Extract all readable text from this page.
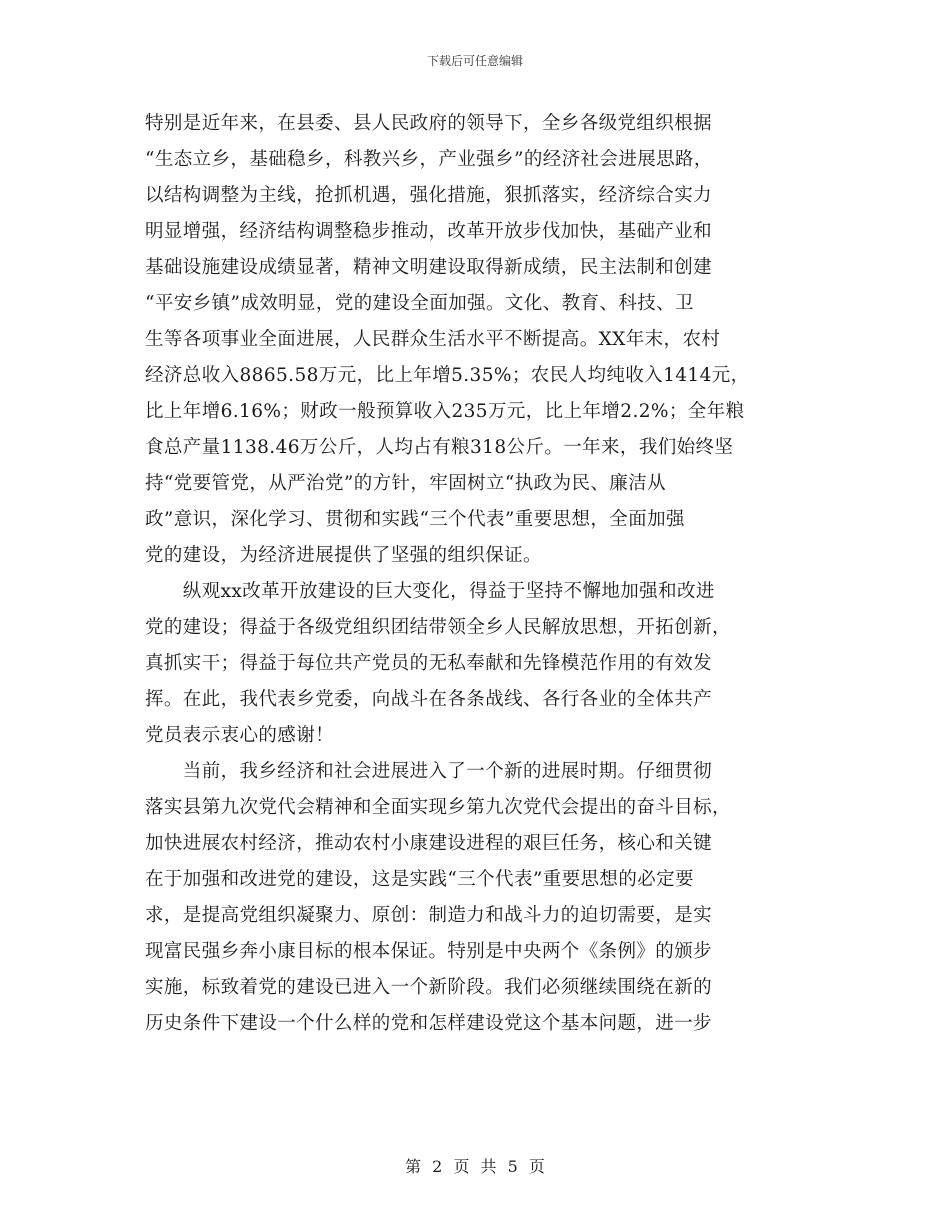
下载后可任意编辑
特别是近年来，在县委、县人民政府的领导下，全乡各级党组织根据
“生态立乡，基础稳乡，科教兴乡，产业强乡”的经济社会进展思路，
以结构调整为主线，抢抓机遇，强化措施，狠抓落实，经济综合实力
明显增强，经济结构调整稳步推动，改革开放步伐加快，基础产业和
基础设施建设成绩显著，精神文明建设取得新成绩，民主法制和创建
“平安乡镇”成效明显，党的建设全面加强。文化、教育、科技、卫
生等各项事业全面进展，人民群众生活水平不断提高。XX年末，农村
经济总收入8865.58万元，比上年增5.35%；农民人均纯收入1414元，
比上年增6.16%；财政一般预算收入235万元，比上年增2.2%；全年粮
食总产量1138.46万公斤，人均占有粮318公斤。一年来，我们始终坚
持“党要管党，从严治党”的方针，牢固树立“执政为民、廉洁从
政”意识，深化学习、贯彻和实践“三个代表”重要思想，全面加强
党的建设，为经济进展提供了坚强的组织保证。
　　纵观xx改革开放建设的巨大变化，得益于坚持不懈地加强和改进
党的建设；得益于各级党组织团结带领全乡人民解放思想，开拓创新，
真抓实干；得益于每位共产党员的无私奉献和先锋模范作用的有效发
挥。在此，我代表乡党委，向战斗在各条战线、各行各业的全体共产
党员表示衷心的感谢！
　　当前，我乡经济和社会进展进入了一个新的进展时期。仔细贯彻
落实县第九次党代会精神和全面实现乡第九次党代会提出的奋斗目标，
加快进展农村经济，推动农村小康建设进程的艰巨任务，核心和关键
在于加强和改进党的建设，这是实践“三个代表”重要思想的必定要
求，是提高党组织凝聚力、原创：制造力和战斗力的迫切需要，是实
现富民强乡奔小康目标的根本保证。特别是中央两个《条例》的颁步
实施，标致着党的建设已进入一个新阶段。我们必须继续围绕在新的
历史条件下建设一个什么样的党和怎样建设党这个基本问题，进一步
第 2 页 共 5 页
